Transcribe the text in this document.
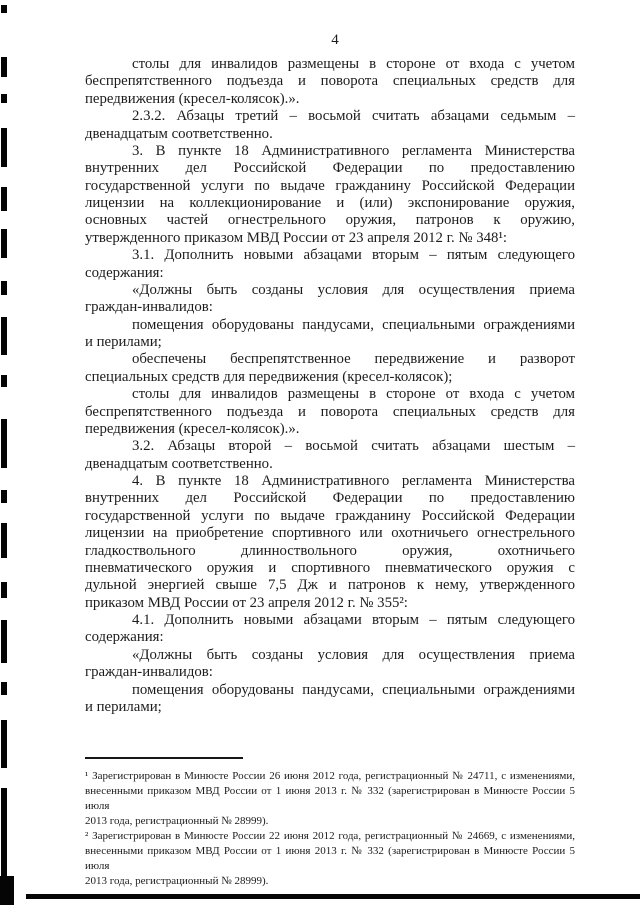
4
столы для инвалидов размещены в стороне от входа с учетом
беспрепятственного подъезда и поворота специальных средств для
передвижения (кресел-колясок).».
2.3.2. Абзацы третий – восьмой считать абзацами седьмым –
двенадцатым соответственно.
3. В пункте 18 Административного регламента Министерства
внутренних дел Российской Федерации по предоставлению
государственной услуги по выдаче гражданину Российской Федерации
лицензии на коллекционирование и (или) экспонирование оружия,
основных частей огнестрельного оружия, патронов к оружию,
утвержденного приказом МВД России от 23 апреля 2012 г. № 348¹:
3.1. Дополнить новыми абзацами вторым – пятым следующего
содержания:
«Должны быть созданы условия для осуществления приема
граждан-инвалидов:
помещения оборудованы пандусами, специальными ограждениями
и перилами;
обеспечены беспрепятственное передвижение и разворот
специальных средств для передвижения (кресел-колясок);
столы для инвалидов размещены в стороне от входа с учетом
беспрепятственного подъезда и поворота специальных средств для
передвижения (кресел-колясок).».
3.2. Абзацы второй – восьмой считать абзацами шестым –
двенадцатым соответственно.
4. В пункте 18 Административного регламента Министерства
внутренних дел Российской Федерации по предоставлению
государственной услуги по выдаче гражданину Российской Федерации
лицензии на приобретение спортивного или охотничьего огнестрельного
гладкоствольного длинноствольного оружия, охотничьего
пневматического оружия и спортивного пневматического оружия с
дульной энергией свыше 7,5 Дж и патронов к нему, утвержденного
приказом МВД России от 23 апреля 2012 г. № 355²:
4.1. Дополнить новыми абзацами вторым – пятым следующего
содержания:
«Должны быть созданы условия для осуществления приема
граждан-инвалидов:
помещения оборудованы пандусами, специальными ограждениями
и перилами;
¹ Зарегистрирован в Минюсте России 26 июня 2012 года, регистрационный № 24711, с изменениями,
внесенными приказом МВД России от 1 июня 2013 г. № 332 (зарегистрирован в Минюсте России 5 июля
2013 года, регистрационный № 28999).
² Зарегистрирован в Минюсте России 22 июня 2012 года, регистрационный № 24669, с изменениями,
внесенными приказом МВД России от 1 июня 2013 г. № 332 (зарегистрирован в Минюсте России 5 июля
2013 года, регистрационный № 28999).
